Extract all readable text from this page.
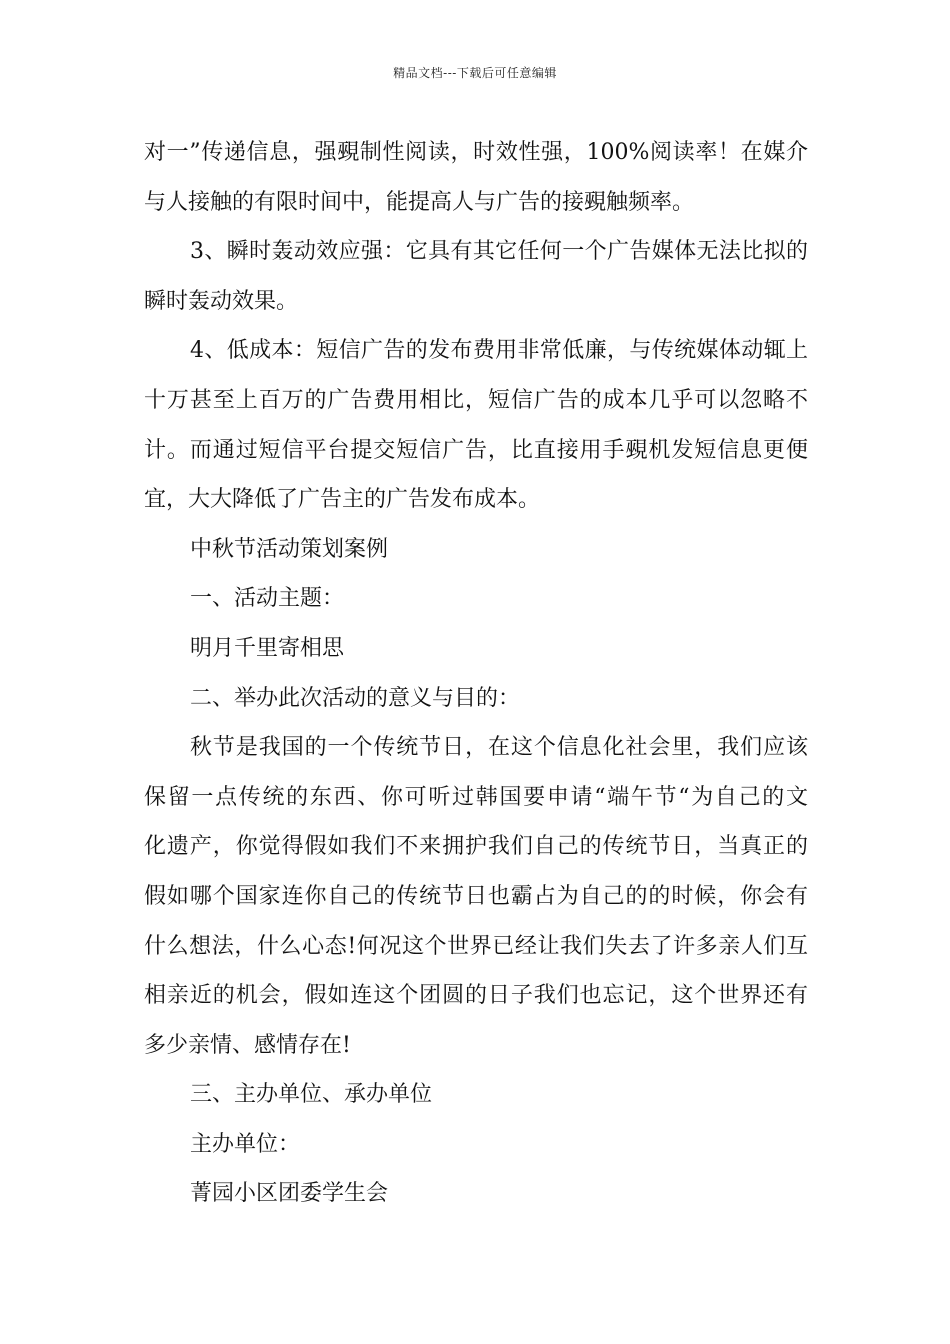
精品文档---下载后可任意编辑
对一”传递信息，强覡制性阅读，时效性强，100%阅读率！在媒介
与人接触的有限时间中，能提高人与广告的接覡触频率。
3、瞬时轰动效应强：它具有其它任何一个广告媒体无法比拟的
瞬时轰动效果。
4、低成本：短信广告的发布费用非常低廉，与传统媒体动辄上
十万甚至上百万的广告费用相比，短信广告的成本几乎可以忽略不
计。而通过短信平台提交短信广告，比直接用手覡机发短信息更便
宜，大大降低了广告主的广告发布成本。
中秋节活动策划案例
一、活动主题：
明月千里寄相思
二、举办此次活动的意义与目的：
秋节是我国的一个传统节日，在这个信息化社会里，我们应该
保留一点传统的东西、你可听过韩国要申请“端午节“为自己的文
化遗产，你觉得假如我们不来拥护我们自己的传统节日，当真正的
假如哪个国家连你自己的传统节日也霸占为自己的的时候，你会有
什么想法，什么心态!何况这个世界已经让我们失去了许多亲人们互
相亲近的机会，假如连这个团圆的日子我们也忘记，这个世界还有
多少亲情、感情存在!
三、主办单位、承办单位
主办单位：
菁园小区团委学生会
